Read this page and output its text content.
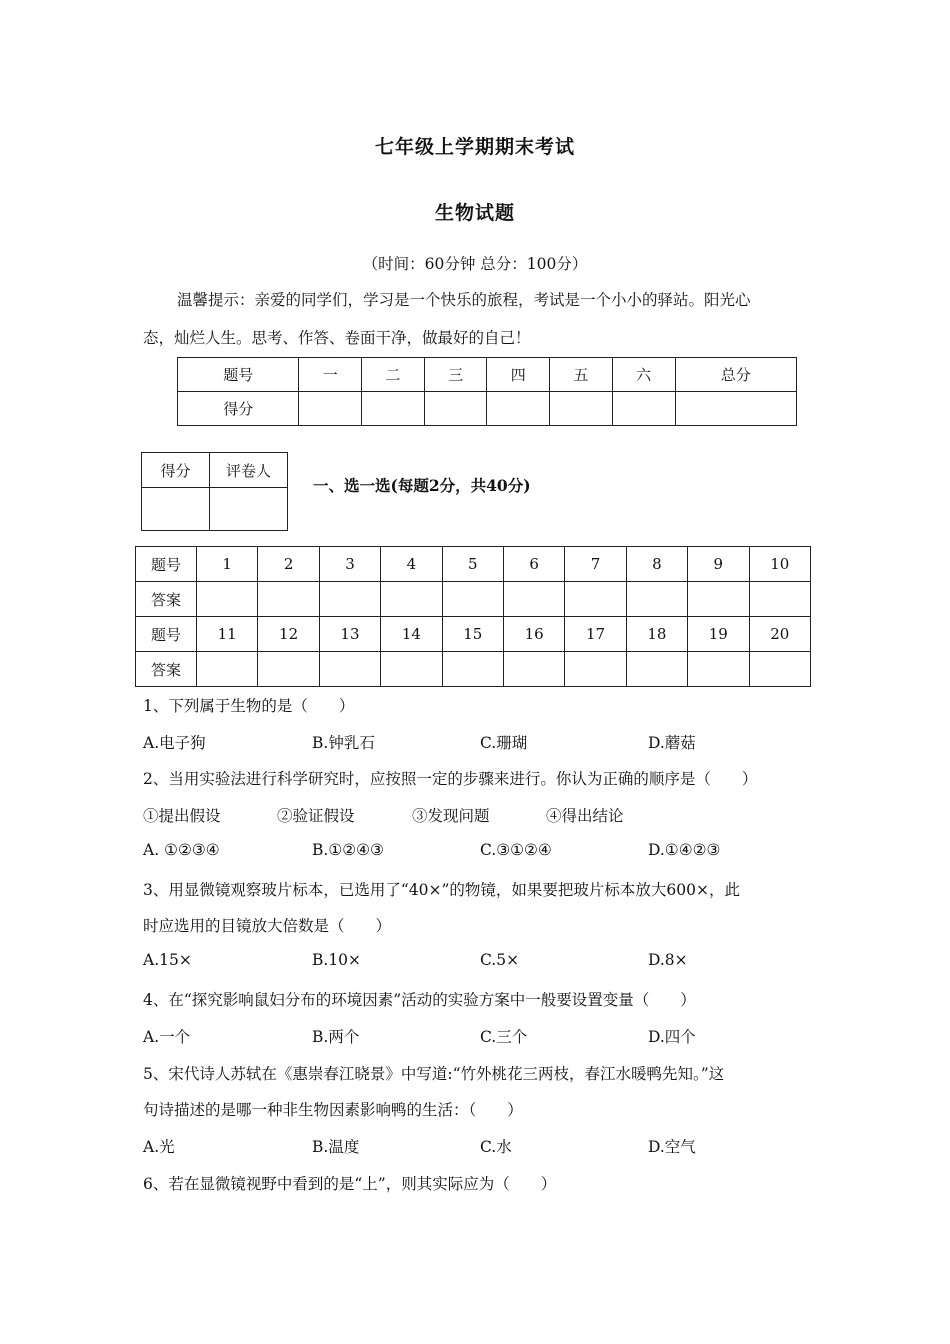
七年级上学期期末考试
生物试题
（时间：60分钟 总分：100分）
温馨提示：亲爱的同学们，学习是一个快乐的旅程，考试是一个小小的驿站。阳光心
态，灿烂人生。思考、作答、卷面干净，做最好的自己！
题号	一	二	三	四	五	六	总分
得分							
得分	评卷人

一、选一选(每题2分，共40分)
题号	1	2	3	4	5	6	7	8	9	10
答案										
题号	11	12	13	14	15	16	17	18	19	20
答案										
1、下列属于生物的是（　　）
A.电子狗	B.钟乳石	C.珊瑚	D.蘑菇
2、当用实验法进行科学研究时，应按照一定的步骤来进行。你认为正确的顺序是（　　）
①提出假设	②验证假设	③发现问题	④得出结论
A. ①②③④	B.①②④③	C.③①②④	D.①④②③
3、用显微镜观察玻片标本，已选用了“40×”的物镜，如果要把玻片标本放大600×，此
时应选用的目镜放大倍数是（　　）
A.15×	B.10×	C.5×	D.8×
4、在“探究影响鼠妇分布的环境因素”活动的实验方案中一般要设置变量（　　）
A.一个	B.两个	C.三个	D.四个
5、宋代诗人苏轼在《惠崇春江晓景》中写道:“竹外桃花三两枝，春江水暖鸭先知。”这
句诗描述的是哪一种非生物因素影响鸭的生活：（　　）
A.光	B.温度	C.水	D.空气
6、若在显微镜视野中看到的是“上”，则其实际应为（　　）
